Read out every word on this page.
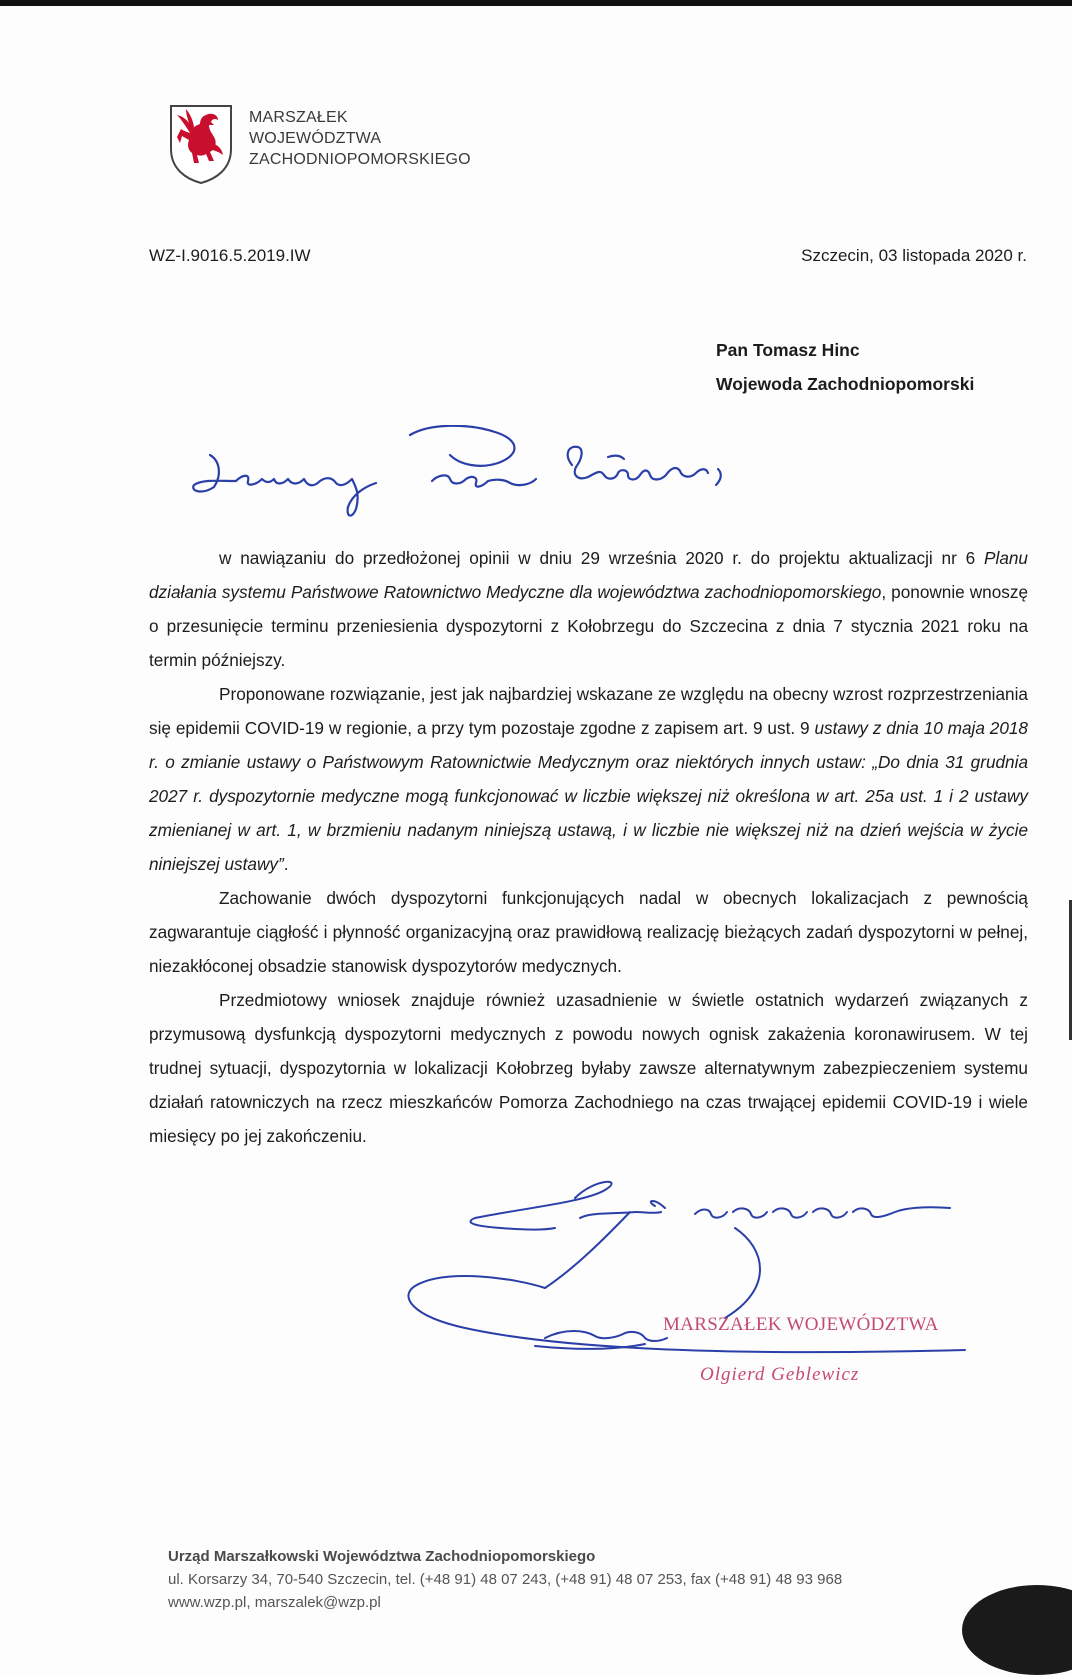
MARSZAŁEK
WOJEWÓDZTWA
ZACHODNIOPOMORSKIEGO
WZ-I.9016.5.2019.IW	Szczecin, 03 listopada 2020 r.
Pan Tomasz Hinc
Wojewoda Zachodniopomorski

w nawiązaniu do przedłożonej opinii w dniu 29 września 2020 r. do projektu aktualizacji nr 6 Planu działania systemu Państwowe Ratownictwo Medyczne dla województwa zachodniopomorskiego, ponownie wnoszę o przesunięcie terminu przeniesienia dyspozytorni z Kołobrzegu do Szczecina z dnia 7 stycznia 2021 roku na termin późniejszy.

Proponowane rozwiązanie, jest jak najbardziej wskazane ze względu na obecny wzrost rozprzestrzeniania się epidemii COVID-19 w regionie, a przy tym pozostaje zgodne z zapisem art. 9 ust. 9 ustawy z dnia 10 maja 2018 r. o zmianie ustawy o Państwowym Ratownictwie Medycznym oraz niektórych innych ustaw: „Do dnia 31 grudnia 2027 r. dyspozytornie medyczne mogą funkcjonować w liczbie większej niż określona w art. 25a ust. 1 i 2 ustawy zmienianej w art. 1, w brzmieniu nadanym niniejszą ustawą, i w liczbie nie większej niż na dzień wejścia w życie niniejszej ustawy”.

Zachowanie dwóch dyspozytorni funkcjonujących nadal w obecnych lokalizacjach z pewnością zagwarantuje ciągłość i płynność organizacyjną oraz prawidłową realizację bieżących zadań dyspozytorni w pełnej, niezakłóconej obsadzie stanowisk dyspozytorów medycznych.

Przedmiotowy wniosek znajduje również uzasadnienie w świetle ostatnich wydarzeń związanych z przymusową dysfunkcją dyspozytorni medycznych z powodu nowych ognisk zakażenia koronawirusem. W tej trudnej sytuacji, dyspozytornia w lokalizacji Kołobrzeg byłaby zawsze alternatywnym zabezpieczeniem systemu działań ratowniczych na rzecz mieszkańców Pomorza Zachodniego na czas trwającej epidemii COVID-19 i wiele miesięcy po jej zakończeniu.

MARSZAŁEK WOJEWÓDZTWA
Olgierd Geblewicz
Urząd Marszałkowski Województwa Zachodniopomorskiego
ul. Korsarzy 34, 70-540 Szczecin, tel. (+48 91) 48 07 243, (+48 91) 48 07 253, fax (+48 91) 48 93 968
www.wzp.pl, marszalek@wzp.pl
